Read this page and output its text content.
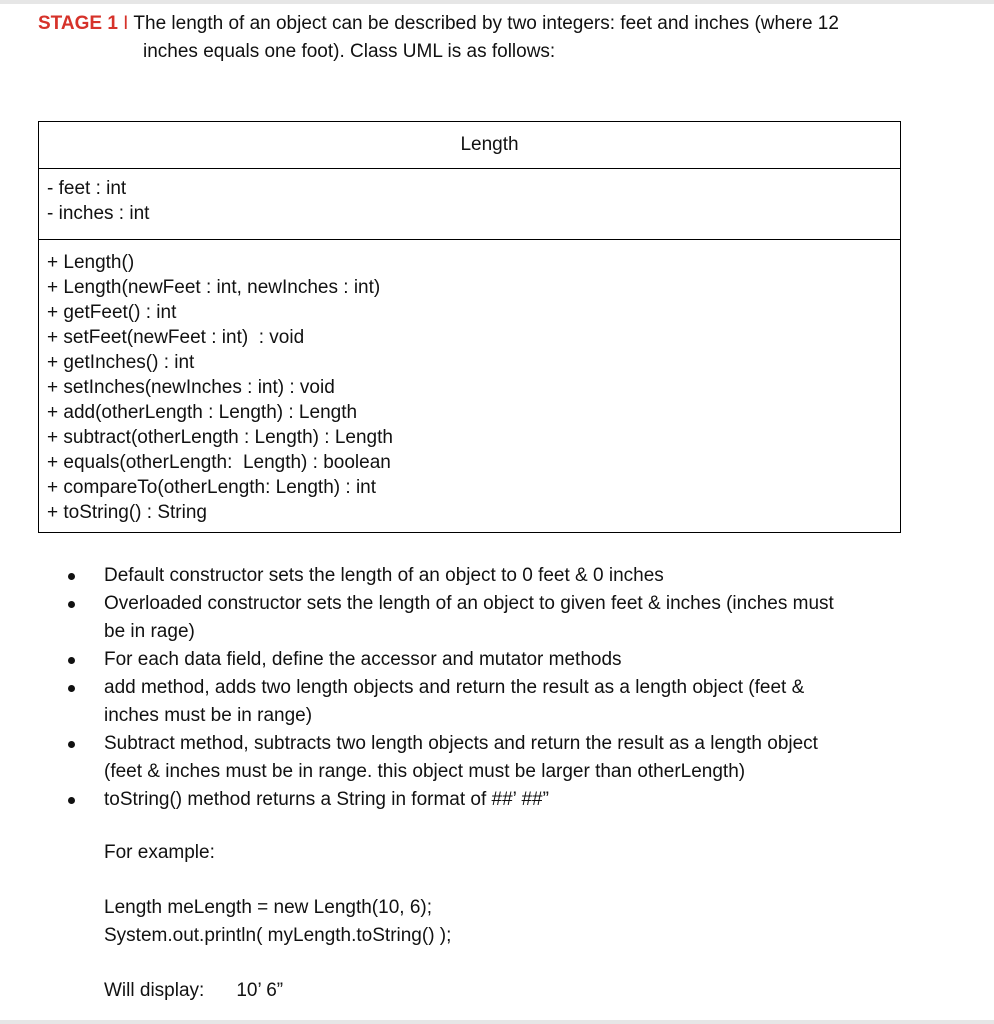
STAGE 1 I The length of an object can be described by two integers: feet and inches (where 12
inches equals one foot). Class UML is as follows:
Length
- feet : int
- inches : int
+ Length()
+ Length(newFeet : int, newInches : int)
+ getFeet() : int
+ setFeet(newFeet : int)  : void
+ getInches() : int
+ setInches(newInches : int) : void
+ add(otherLength : Length) : Length
+ subtract(otherLength : Length) : Length
+ equals(otherLength:  Length) : boolean
+ compareTo(otherLength: Length) : int
+ toString() : String
Default constructor sets the length of an object to 0 feet & 0 inches
Overloaded constructor sets the length of an object to given feet & inches (inches must
be in rage)
For each data field, define the accessor and mutator methods
add method, adds two length objects and return the result as a length object (feet &
inches must be in range)
Subtract method, subtracts two length objects and return the result as a length object
(feet & inches must be in range. this object must be larger than otherLength)
toString() method returns a String in format of ##’ ##”
For example:
Length meLength = new Length(10, 6);
System.out.println( myLength.toString() );
Will display: 10’ 6”
